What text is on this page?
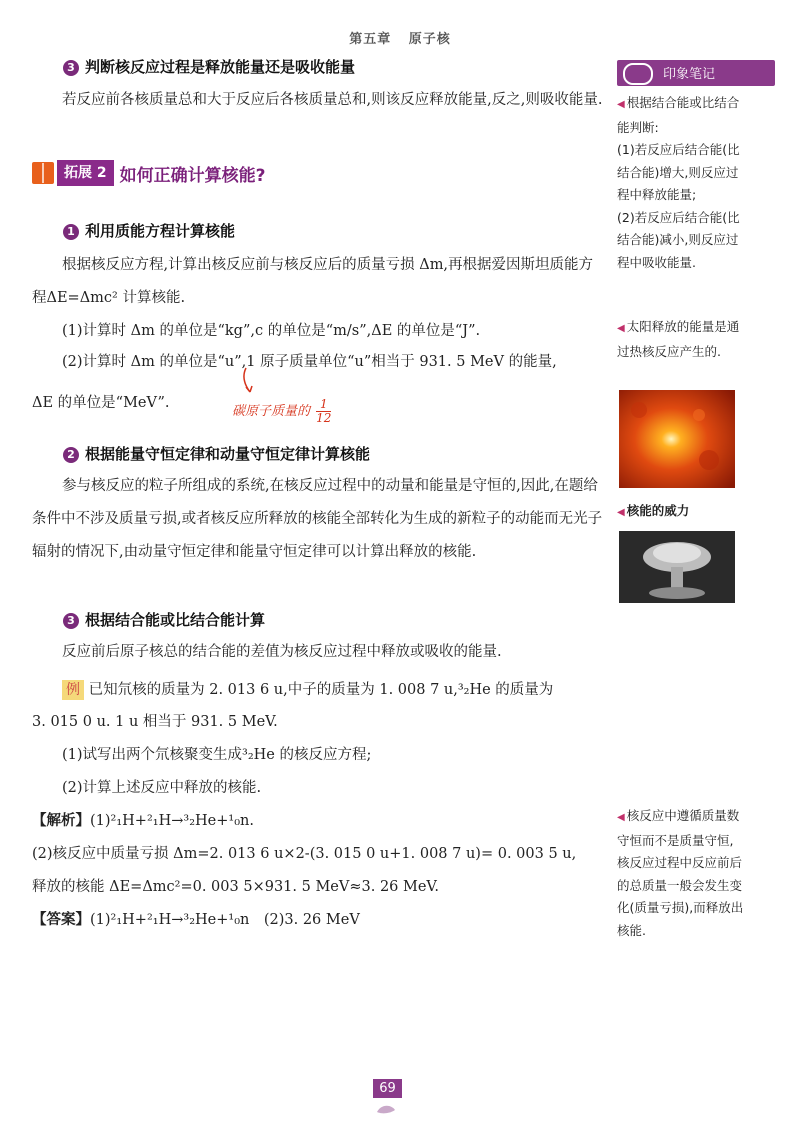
第五章 原子核
3 判断核反应过程是释放能量还是吸收能量
若反应前各核质量总和大于反应后各核质量总和,则该反应释放能量,反之,则吸收能量.
拓展 2 如何正确计算核能?
1 利用质能方程计算核能
根据核反应方程,计算出核反应前与核反应后的质量亏损 Δm,再根据爱因斯坦质能方程ΔE=Δmc² 计算核能.
(1)计算时 Δm 的单位是“kg”,c 的单位是“m/s”,ΔE 的单位是“J”.
(2)计算时 Δm 的单位是“u”,1 原子质量单位“u”相当于 931. 5 MeV 的能量,
ΔE 的单位是“MeV”.
碳原子质量的 $\frac{1}{12}$
2 根据能量守恒定律和动量守恒定律计算核能
参与核反应的粒子所组成的系统,在核反应过程中的动量和能量是守恒的,因此,在题给条件中不涉及质量亏损,或者核反应所释放的核能全部转化为生成的新粒子的动能而无光子辐射的情况下,由动量守恒定律和能量守恒定律可以计算出释放的核能.
3 根据结合能或比结合能计算
反应前后原子核总的结合能的差值为核反应过程中释放或吸收的能量.
例 已知氘核的质量为 2. 013 6 u,中子的质量为 1. 008 7 u,³₂He 的质量为
3. 015 0 u. 1 u 相当于 931. 5 MeV.
(1)试写出两个氘核聚变生成³₂He 的核反应方程;
(2)计算上述反应中释放的核能.
【解析】(1)²₁H+²₁H→³₂He+¹₀n.
(2)核反应中质量亏损 Δm=2. 013 6 u×2-(3. 015 0 u+1. 008 7 u)= 0. 003 5 u,
释放的核能 ΔE=Δmc²=0. 003 5×931. 5 MeV≈3. 26 MeV.
【答案】(1)²₁H+²₁H→³₂He+¹₀n　(2)3. 26 MeV
印象笔记
◀ 根据结合能或比结合能判断:
(1)若反应后结合能(比结合能)增大,则反应过程中释放能量;
(2)若反应后结合能(比结合能)减小,则反应过程中吸收能量.
◀ 太阳释放的能量是通过热核反应产生的.
◀ 核能的威力
◀ 核反应中遵循质量数守恒而不是质量守恒,核反应过程中反应前后的总质量一般会发生变化(质量亏损),而释放出核能.
69
